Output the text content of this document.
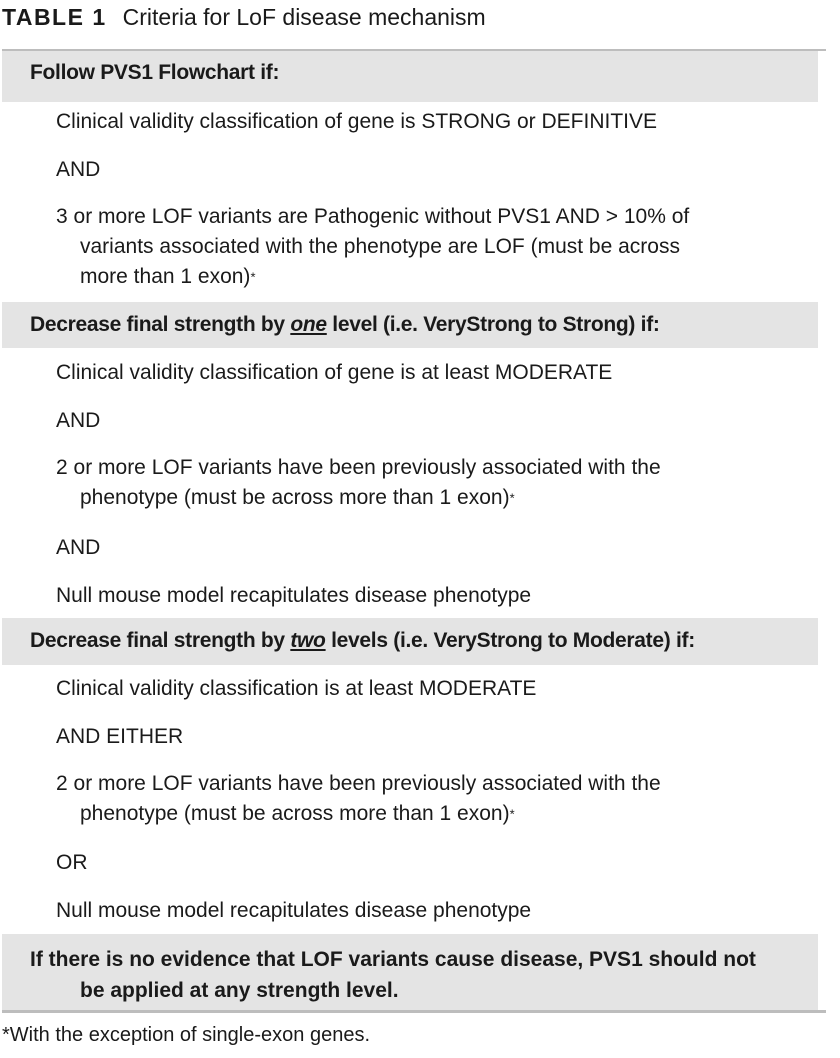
TABLE 1 Criteria for LoF disease mechanism
Follow PVS1 Flowchart if:
Clinical validity classification of gene is STRONG or DEFINITIVE
AND
3 or more LOF variants are Pathogenic without PVS1 AND > 10% of
variants associated with the phenotype are LOF (must be across
more than 1 exon)*
Decrease final strength by one level (i.e. VeryStrong to Strong) if:
Clinical validity classification of gene is at least MODERATE
AND
2 or more LOF variants have been previously associated with the
phenotype (must be across more than 1 exon)*
AND
Null mouse model recapitulates disease phenotype
Decrease final strength by two levels (i.e. VeryStrong to Moderate) if:
Clinical validity classification is at least MODERATE
AND EITHER
2 or more LOF variants have been previously associated with the
phenotype (must be across more than 1 exon)*
OR
Null mouse model recapitulates disease phenotype
If there is no evidence that LOF variants cause disease, PVS1 should not
be applied at any strength level.
*With the exception of single-exon genes.
